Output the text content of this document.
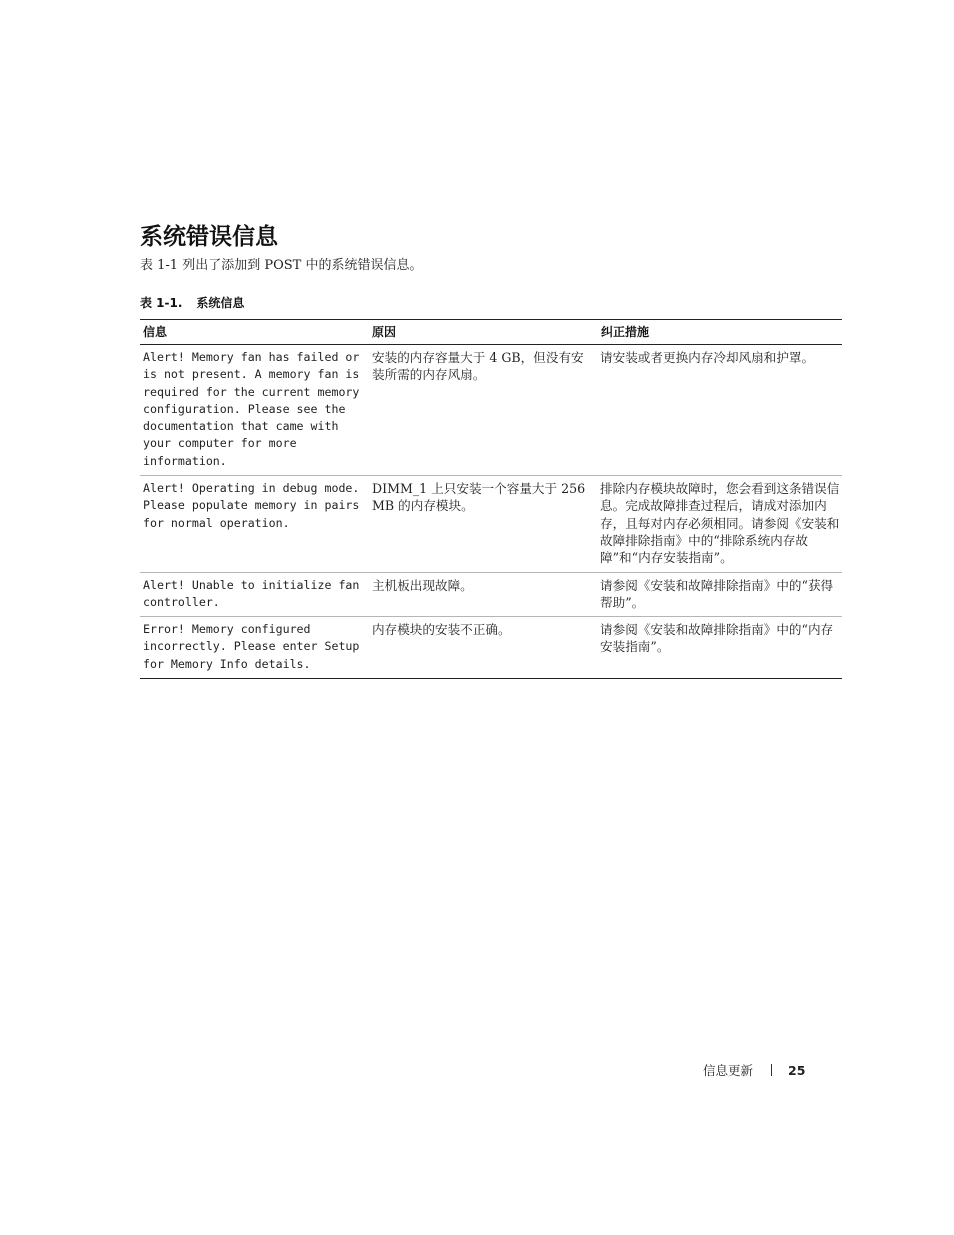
系统错误信息
表 1-1 列出了添加到 POST 中的系统错误信息。
表 1-1. 系统信息
信息	原因	纠正措施
Alert! Memory fan has failed or is not present. A memory fan is required for the current memory configuration. Please see the documentation that came with your computer for more information.	安装的内存容量大于 4 GB，但没有安装所需的内存风扇。	请安装或者更换内存冷却风扇和护罩。
Alert! Operating in debug mode. Please populate memory in pairs for normal operation.	DIMM_1 上只安装一个容量大于 256 MB 的内存模块。	排除内存模块故障时，您会看到这条错误信息。完成故障排查过程后，请成对添加内存，且每对内存必须相同。请参阅《安装和故障排除指南》中的“排除系统内存故障”和“内存安装指南”。
Alert! Unable to initialize fan controller.	主机板出现故障。	请参阅《安装和故障排除指南》中的“获得帮助”。
Error! Memory configured incorrectly. Please enter Setup for Memory Info details.	内存模块的安装不正确。	请参阅《安装和故障排除指南》中的“内存安装指南”。
信息更新	25
